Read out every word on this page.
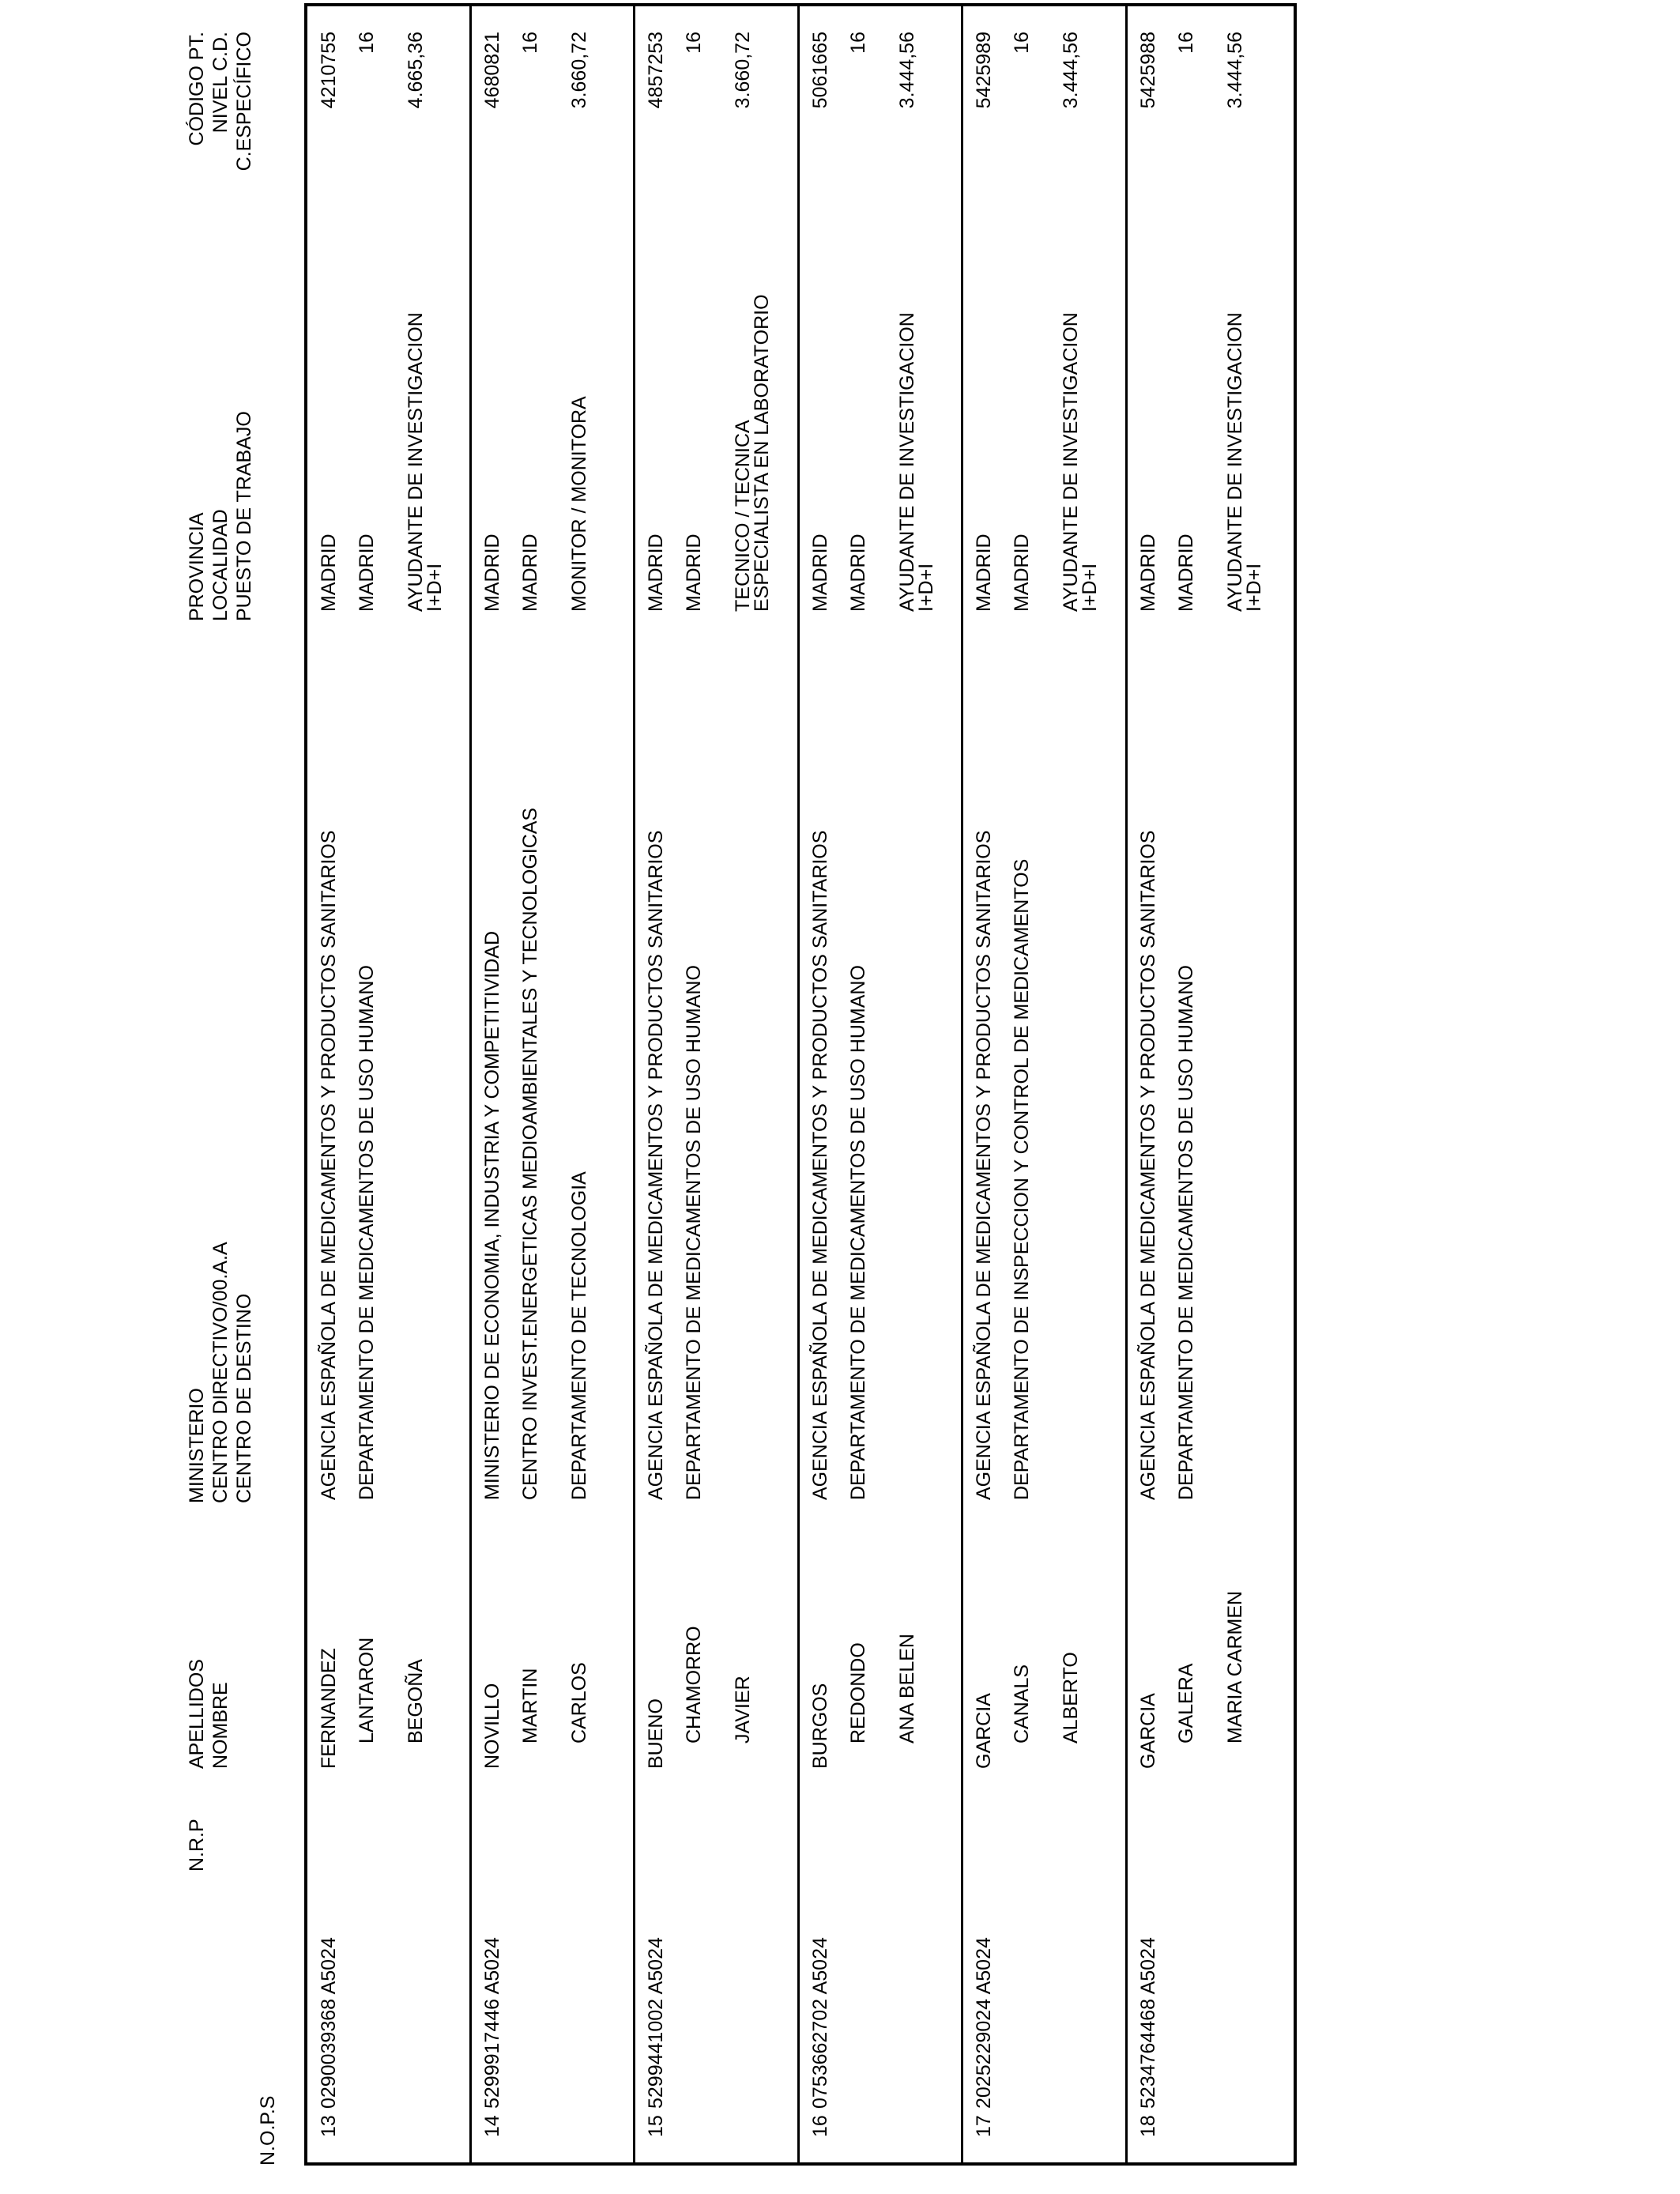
N.O.P.S
N.R.P
APELLIDOS NOMBRE
MINISTERIO CENTRO DIRECTIVO/00.A.A CENTRO DE DESTINO
PROVINCIA LOCALIDAD PUESTO DE TRABAJO
CÓDIGO PT. NIVEL C.D. C.ESPECÍFICO
13
0290039368 A5024
FERNANDEZ LANTARON BEGOÑA
AGENCIA ESPAÑOLA DE MEDICAMENTOS Y PRODUCTOS SANITARIOS DEPARTAMENTO DE MEDICAMENTOS DE USO HUMANO
MADRID MADRID AYUDANTE DE INVESTIGACION
I+D+I
4210755 16 4.665,36
14
5299917446 A5024
NOVILLO MARTIN CARLOS
MINISTERIO DE ECONOMIA, INDUSTRIA Y COMPETITIVIDAD CENTRO INVEST.ENERGETICAS MEDIOAMBIENTALES Y TECNOLOGICAS DEPARTAMENTO DE TECNOLOGIA
MADRID MADRID MONITOR / MONITORA
4680821 16 3.660,72
15
5299441002 A5024
BUENO CHAMORRO JAVIER
AGENCIA ESPAÑOLA DE MEDICAMENTOS Y PRODUCTOS SANITARIOS DEPARTAMENTO DE MEDICAMENTOS DE USO HUMANO
MADRID MADRID TECNICO / TECNICA
ESPECIALISTA EN LABORATORIO
4857253 16 3.660,72
16
0753662702 A5024
BURGOS REDONDO ANA BELEN
AGENCIA ESPAÑOLA DE MEDICAMENTOS Y PRODUCTOS SANITARIOS DEPARTAMENTO DE MEDICAMENTOS DE USO HUMANO
MADRID MADRID AYUDANTE DE INVESTIGACION
I+D+I
5061665 16 3.444,56
17
2025229024 A5024
GARCIA CANALS ALBERTO
AGENCIA ESPAÑOLA DE MEDICAMENTOS Y PRODUCTOS SANITARIOS DEPARTAMENTO DE INSPECCION Y CONTROL DE MEDICAMENTOS
MADRID MADRID AYUDANTE DE INVESTIGACION
I+D+I
5425989 16 3.444,56
18
5234764468 A5024
GARCIA GALERA MARIA CARMEN
AGENCIA ESPAÑOLA DE MEDICAMENTOS Y PRODUCTOS SANITARIOS DEPARTAMENTO DE MEDICAMENTOS DE USO HUMANO
MADRID MADRID AYUDANTE DE INVESTIGACION
I+D+I
5425988 16 3.444,56
